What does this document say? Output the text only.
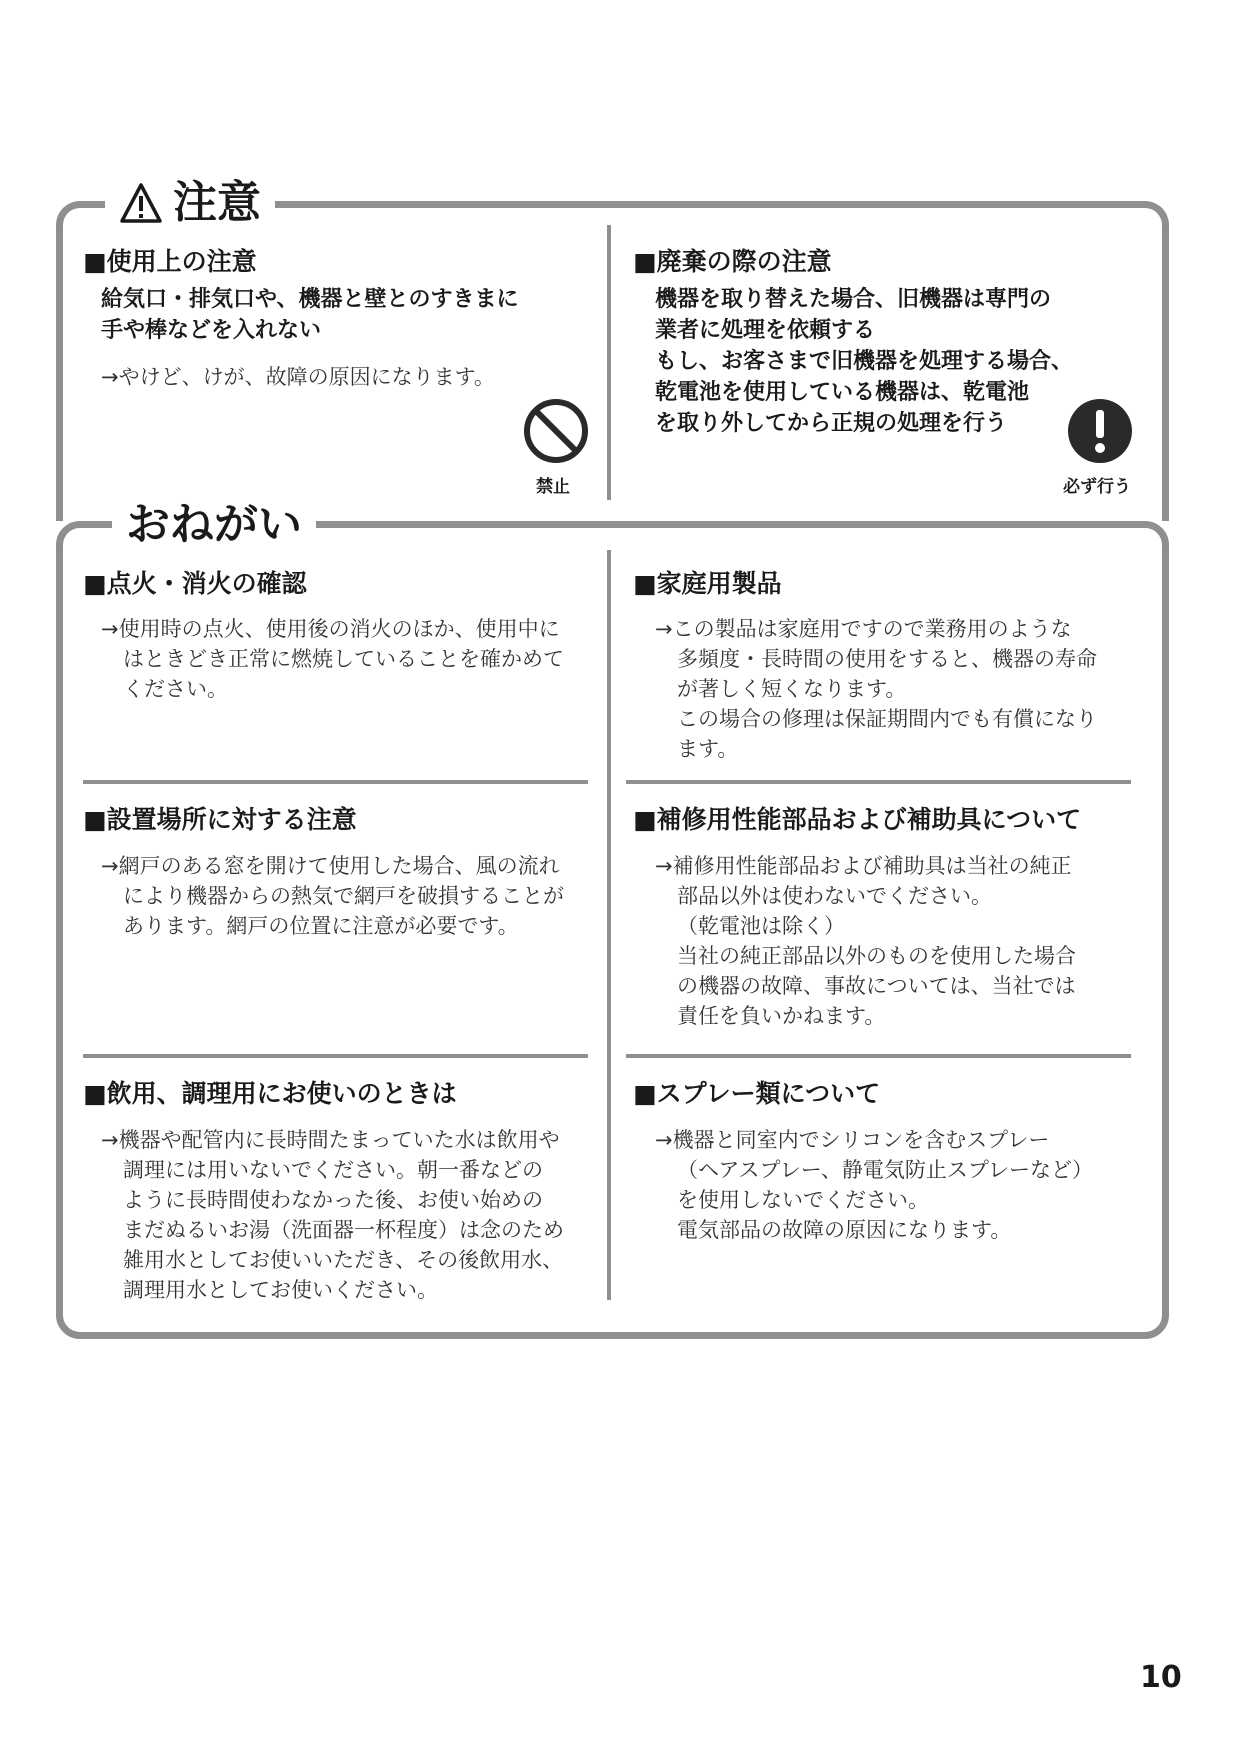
注意
■使用上の注意
給気口・排気口や、機器と壁とのすきまに
手や棒などを入れない
→やけど、けが、故障の原因になります。
禁止
■廃棄の際の注意
機器を取り替えた場合、旧機器は専門の
業者に処理を依頼する
もし、お客さまで旧機器を処理する場合、
乾電池を使用している機器は、乾電池
を取り外してから正規の処理を行う
必ず行う
おねがい
■点火・消火の確認
→使用時の点火、使用後の消火のほか、使用中に
はときどき正常に燃焼していることを確かめて
ください。
■家庭用製品
→この製品は家庭用ですので業務用のような
多頻度・長時間の使用をすると、機器の寿命
が著しく短くなります。
この場合の修理は保証期間内でも有償になり
ます。
■設置場所に対する注意
→網戸のある窓を開けて使用した場合、風の流れ
により機器からの熱気で網戸を破損することが
あります。網戸の位置に注意が必要です。
■補修用性能部品および補助具について
→補修用性能部品および補助具は当社の純正
部品以外は使わないでください。
（乾電池は除く）
当社の純正部品以外のものを使用した場合
の機器の故障、事故については、当社では
責任を負いかねます。
■飲用、調理用にお使いのときは
→機器や配管内に長時間たまっていた水は飲用や
調理には用いないでください。朝一番などの
ように長時間使わなかった後、お使い始めの
まだぬるいお湯（洗面器一杯程度）は念のため
雑用水としてお使いいただき、その後飲用水、
調理用水としてお使いください。
■スプレー類について
→機器と同室内でシリコンを含むスプレー
（ヘアスプレー、静電気防止スプレーなど）
を使用しないでください。
電気部品の故障の原因になります。
10
